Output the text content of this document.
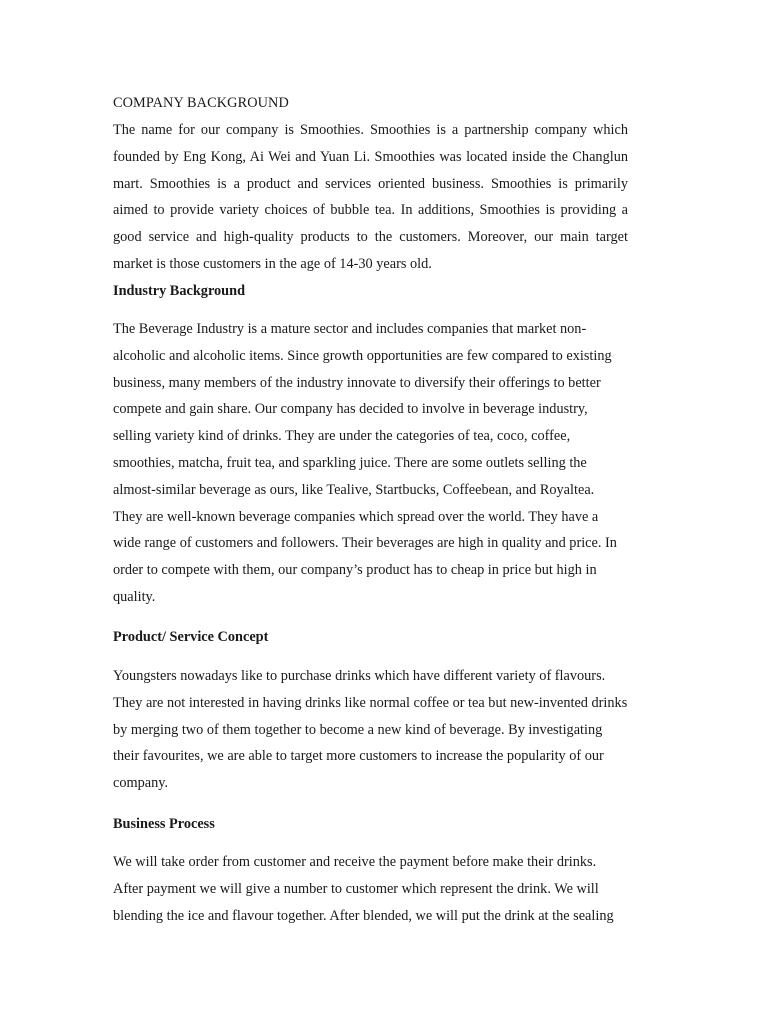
COMPANY BACKGROUND

The name for our company is Smoothies. Smoothies is a partnership company which founded by Eng Kong, Ai Wei and Yuan Li. Smoothies was located inside the Changlun mart. Smoothies is a product and services oriented business. Smoothies is primarily aimed to provide variety choices of bubble tea. In additions, Smoothies is providing a good service and high-quality products to the customers. Moreover, our main target market is those customers in the age of 14-30 years old.

Industry Background
The Beverage Industry is a mature sector and includes companies that market non-
alcoholic and alcoholic items. Since growth opportunities are few compared to existing
business, many members of the industry innovate to diversify their offerings to better
compete and gain share. Our company has decided to involve in beverage industry,
selling variety kind of drinks. They are under the categories of tea, coco, coffee,
smoothies, matcha, fruit tea, and sparkling juice. There are some outlets selling the
almost-similar beverage as ours, like Tealive, Startbucks, Coffeebean, and Royaltea.
They are well-known beverage companies which spread over the world. They have a
wide range of customers and followers. Their beverages are high in quality and price. In
order to compete with them, our company’s product has to cheap in price but high in
quality.
Product/ Service Concept
Youngsters nowadays like to purchase drinks which have different variety of flavours.
They are not interested in having drinks like normal coffee or tea but new-invented drinks
by merging two of them together to become a new kind of beverage. By investigating
their favourites, we are able to target more customers to increase the popularity of our
company.
Business Process
We will take order from customer and receive the payment before make their drinks.
After payment we will give a number to customer which represent the drink. We will
blending the ice and flavour together. After blended, we will put the drink at the sealing
